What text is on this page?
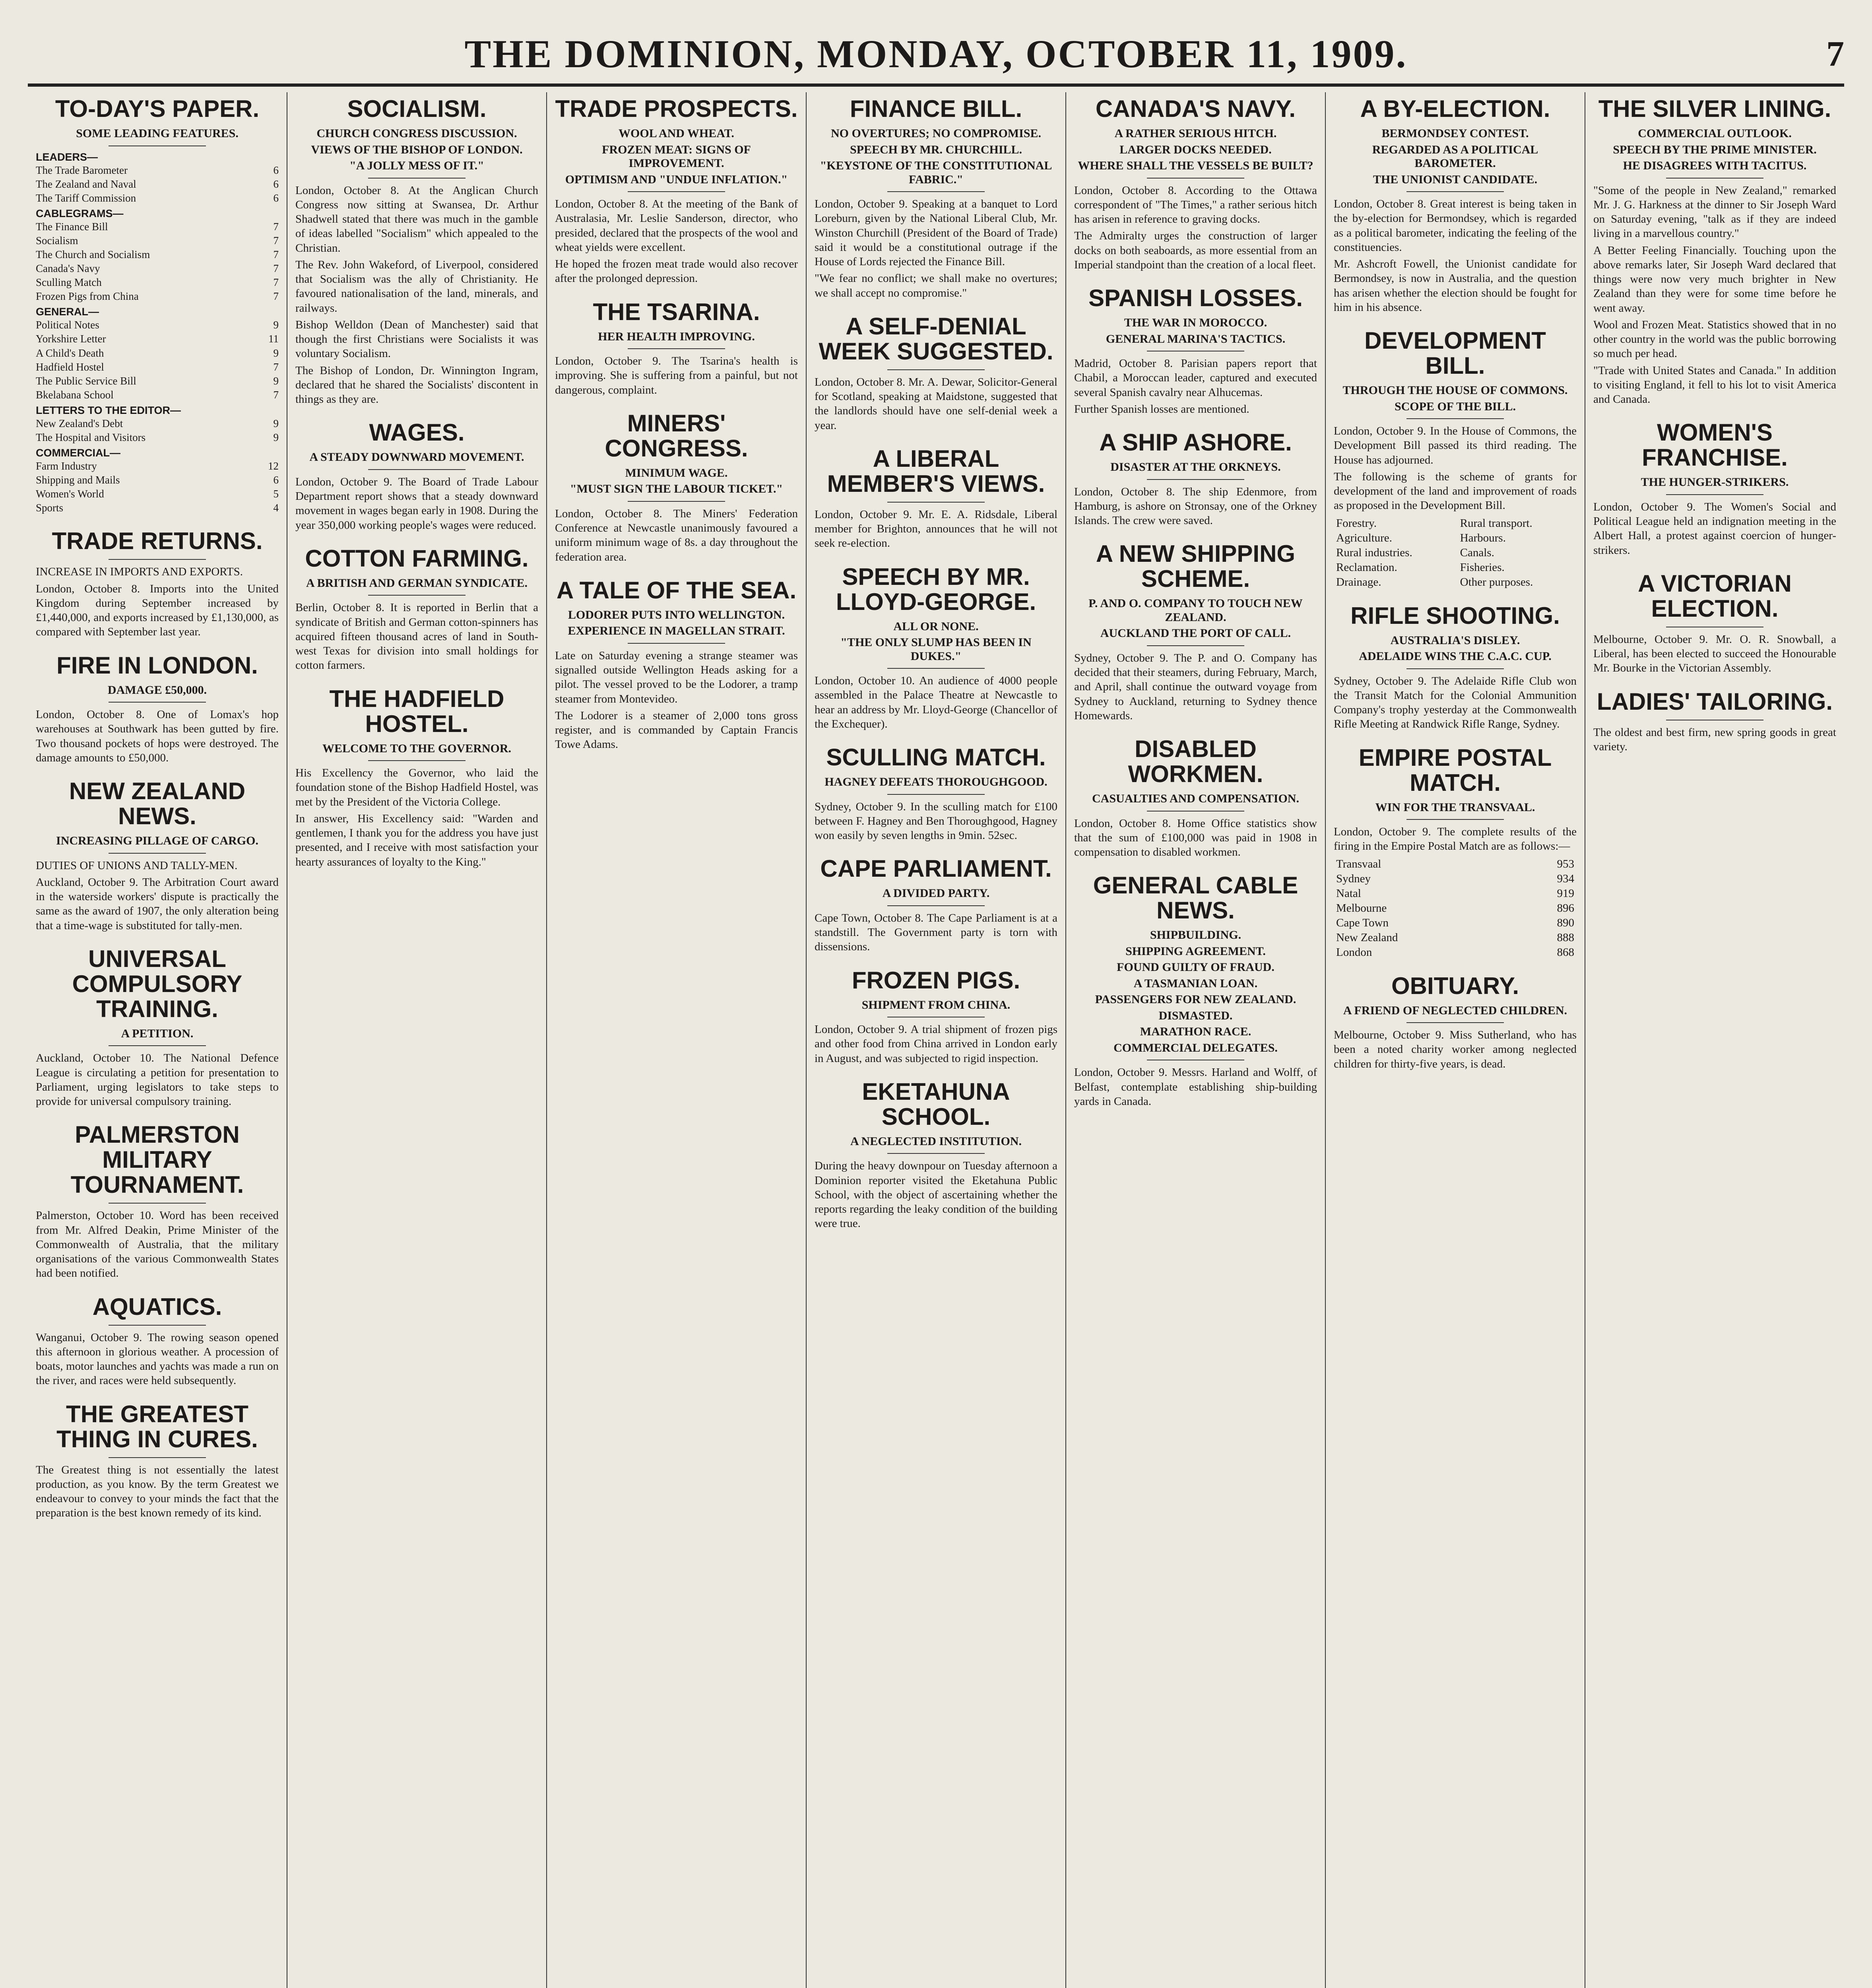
THE DOMINION, MONDAY, OCTOBER 11, 1909.	7
TO-DAY'S PAPER.
SOME LEADING FEATURES.
LEADERS—
The Trade Barometer	6
The Zealand and Naval	6
The Tariff Commission	6
CABLEGRAMS—
The Finance Bill	7
Socialism	7
The Church and Socialism	7
Canada's Navy	7
Sculling Match	7
Frozen Pigs from China	7
GENERAL—
Political Notes	9
Yorkshire Letter	11
A Child's Death	9
Hadfield Hostel	7
The Public Service Bill	9
Bkelabana School	7
LETTERS TO THE EDITOR—
New Zealand's Debt	9
The Hospital and Visitors	9
COMMERCIAL—
Farm Industry	12
Shipping and Mails	6
Women's World	5
Sports	4
TRADE RETURNS.

INCREASE IN IMPORTS AND EXPORTS.

London, October 8. Imports into the United Kingdom during September increased by £1,440,000, and exports increased by £1,130,000, as compared with September last year.

FIRE IN LONDON.
DAMAGE £50,000.

London, October 8. One of Lomax's hop warehouses at Southwark has been gutted by fire. Two thousand pockets of hops were destroyed. The damage amounts to £50,000.

NEW ZEALAND NEWS.
INCREASING PILLAGE OF CARGO.

DUTIES OF UNIONS AND TALLY-MEN.

Auckland, October 9. The Arbitration Court award in the waterside workers' dispute is practically the same as the award of 1907, the only alteration being that a time-wage is substituted for tally-men.

UNIVERSAL COMPULSORY TRAINING.
A PETITION.

Auckland, October 10. The National Defence League is circulating a petition for presentation to Parliament, urging legislators to take steps to provide for universal compulsory training.

PALMERSTON MILITARY TOURNAMENT.

Palmerston, October 10. Word has been received from Mr. Alfred Deakin, Prime Minister of the Commonwealth of Australia, that the military organisations of the various Commonwealth States had been notified.

AQUATICS.

Wanganui, October 9. The rowing season opened this afternoon in glorious weather. A procession of boats, motor launches and yachts was made a run on the river, and races were held subsequently.

THE GREATEST THING IN CURES.

The Greatest thing is not essentially the latest production, as you know. By the term Greatest we endeavour to convey to your minds the fact that the preparation is the best known remedy of its kind.

SOCIALISM.
CHURCH CONGRESS DISCUSSION.
VIEWS OF THE BISHOP OF LONDON.
"A JOLLY MESS OF IT."

London, October 8. At the Anglican Church Congress now sitting at Swansea, Dr. Arthur Shadwell stated that there was much in the gamble of ideas labelled "Socialism" which appealed to the Christian.

The Rev. John Wakeford, of Liverpool, considered that Socialism was the ally of Christianity. He favoured nationalisation of the land, minerals, and railways.

Bishop Welldon (Dean of Manchester) said that though the first Christians were Socialists it was voluntary Socialism.

The Bishop of London, Dr. Winnington Ingram, declared that he shared the Socialists' discontent in things as they are.

WAGES.
A STEADY DOWNWARD MOVEMENT.

London, October 9. The Board of Trade Labour Department report shows that a steady downward movement in wages began early in 1908. During the year 350,000 working people's wages were reduced.

COTTON FARMING.
A BRITISH AND GERMAN SYNDICATE.

Berlin, October 8. It is reported in Berlin that a syndicate of British and German cotton-spinners has acquired fifteen thousand acres of land in South-west Texas for division into small holdings for cotton farmers.

THE HADFIELD HOSTEL.
WELCOME TO THE GOVERNOR.

His Excellency the Governor, who laid the foundation stone of the Bishop Hadfield Hostel, was met by the President of the Victoria College.

In answer, His Excellency said: "Warden and gentlemen, I thank you for the address you have just presented, and I receive with most satisfaction your hearty assurances of loyalty to the King."

TRADE PROSPECTS.
WOOL AND WHEAT.
FROZEN MEAT: SIGNS OF IMPROVEMENT.
OPTIMISM AND "UNDUE INFLATION."

London, October 8. At the meeting of the Bank of Australasia, Mr. Leslie Sanderson, director, who presided, declared that the prospects of the wool and wheat yields were excellent.

He hoped the frozen meat trade would also recover after the prolonged depression.

THE TSARINA.
HER HEALTH IMPROVING.

London, October 9. The Tsarina's health is improving. She is suffering from a painful, but not dangerous, complaint.

MINERS' CONGRESS.
MINIMUM WAGE.
"MUST SIGN THE LABOUR TICKET."

London, October 8. The Miners' Federation Conference at Newcastle unanimously favoured a uniform minimum wage of 8s. a day throughout the federation area.

A TALE OF THE SEA.
LODORER PUTS INTO WELLINGTON.
EXPERIENCE IN MAGELLAN STRAIT.

Late on Saturday evening a strange steamer was signalled outside Wellington Heads asking for a pilot. The vessel proved to be the Lodorer, a tramp steamer from Montevideo.

The Lodorer is a steamer of 2,000 tons gross register, and is commanded by Captain Francis Towe Adams.

FINANCE BILL.
NO OVERTURES; NO COMPROMISE.
SPEECH BY MR. CHURCHILL.
"KEYSTONE OF THE CONSTITUTIONAL FABRIC."

London, October 9. Speaking at a banquet to Lord Loreburn, given by the National Liberal Club, Mr. Winston Churchill (President of the Board of Trade) said it would be a constitutional outrage if the House of Lords rejected the Finance Bill.

"We fear no conflict; we shall make no overtures; we shall accept no compromise."

A SELF-DENIAL WEEK SUGGESTED.

London, October 8. Mr. A. Dewar, Solicitor-General for Scotland, speaking at Maidstone, suggested that the landlords should have one self-denial week a year.

A LIBERAL MEMBER'S VIEWS.

London, October 9. Mr. E. A. Ridsdale, Liberal member for Brighton, announces that he will not seek re-election.

SPEECH BY MR. LLOYD-GEORGE.
ALL OR NONE.
"THE ONLY SLUMP HAS BEEN IN DUKES."

London, October 10. An audience of 4000 people assembled in the Palace Theatre at Newcastle to hear an address by Mr. Lloyd-George (Chancellor of the Exchequer).

SCULLING MATCH.
HAGNEY DEFEATS THOROUGHGOOD.

Sydney, October 9. In the sculling match for £100 between F. Hagney and Ben Thoroughgood, Hagney won easily by seven lengths in 9min. 52sec.

CAPE PARLIAMENT.
A DIVIDED PARTY.

Cape Town, October 8. The Cape Parliament is at a standstill. The Government party is torn with dissensions.

FROZEN PIGS.
SHIPMENT FROM CHINA.

London, October 9. A trial shipment of frozen pigs and other food from China arrived in London early in August, and was subjected to rigid inspection.

EKETAHUNA SCHOOL.
A NEGLECTED INSTITUTION.

During the heavy downpour on Tuesday afternoon a Dominion reporter visited the Eketahuna Public School, with the object of ascertaining whether the reports regarding the leaky condition of the building were true.

CANADA'S NAVY.
A RATHER SERIOUS HITCH.
LARGER DOCKS NEEDED.
WHERE SHALL THE VESSELS BE BUILT?

London, October 8. According to the Ottawa correspondent of "The Times," a rather serious hitch has arisen in reference to graving docks.

The Admiralty urges the construction of larger docks on both seaboards, as more essential from an Imperial standpoint than the creation of a local fleet.

SPANISH LOSSES.
THE WAR IN MOROCCO.
GENERAL MARINA'S TACTICS.

Madrid, October 8. Parisian papers report that Chabil, a Moroccan leader, captured and executed several Spanish cavalry near Alhucemas.

Further Spanish losses are mentioned.

A SHIP ASHORE.
DISASTER AT THE ORKNEYS.

London, October 8. The ship Edenmore, from Hamburg, is ashore on Stronsay, one of the Orkney Islands. The crew were saved.

A NEW SHIPPING SCHEME.
P. AND O. COMPANY TO TOUCH NEW ZEALAND.
AUCKLAND THE PORT OF CALL.

Sydney, October 9. The P. and O. Company has decided that their steamers, during February, March, and April, shall continue the outward voyage from Sydney to Auckland, returning to Sydney thence Homewards.

DISABLED WORKMEN.
CASUALTIES AND COMPENSATION.

London, October 8. Home Office statistics show that the sum of £100,000 was paid in 1908 in compensation to disabled workmen.

GENERAL CABLE NEWS.
SHIPBUILDING.
SHIPPING AGREEMENT.
FOUND GUILTY OF FRAUD.
A TASMANIAN LOAN.
PASSENGERS FOR NEW ZEALAND.
DISMASTED.
MARATHON RACE.
COMMERCIAL DELEGATES.

London, October 9. Messrs. Harland and Wolff, of Belfast, contemplate establishing ship-building yards in Canada.

A BY-ELECTION.
BERMONDSEY CONTEST.
REGARDED AS A POLITICAL BAROMETER.
THE UNIONIST CANDIDATE.

London, October 8. Great interest is being taken in the by-election for Bermondsey, which is regarded as a political barometer, indicating the feeling of the constituencies.

Mr. Ashcroft Fowell, the Unionist candidate for Bermondsey, is now in Australia, and the question has arisen whether the election should be fought for him in his absence.

DEVELOPMENT BILL.
THROUGH THE HOUSE OF COMMONS.
SCOPE OF THE BILL.

London, October 9. In the House of Commons, the Development Bill passed its third reading. The House has adjourned.

The following is the scheme of grants for development of the land and improvement of roads as proposed in the Development Bill.

Forestry.	Rural transport.
Agriculture.	Harbours.
Rural industries.	Canals.
Reclamation.	Fisheries.
Drainage.	Other purposes.
RIFLE SHOOTING.
AUSTRALIA'S DISLEY.
ADELAIDE WINS THE C.A.C. CUP.

Sydney, October 9. The Adelaide Rifle Club won the Transit Match for the Colonial Ammunition Company's trophy yesterday at the Commonwealth Rifle Meeting at Randwick Rifle Range, Sydney.

EMPIRE POSTAL MATCH.
WIN FOR THE TRANSVAAL.

London, October 9. The complete results of the firing in the Empire Postal Match are as follows:—

Transvaal	953
Sydney	934
Natal	919
Melbourne	896
Cape Town	890
New Zealand	888
London	868
OBITUARY.
A FRIEND OF NEGLECTED CHILDREN.

Melbourne, October 9. Miss Sutherland, who has been a noted charity worker among neglected children for thirty-five years, is dead.

THE SILVER LINING.
COMMERCIAL OUTLOOK.
SPEECH BY THE PRIME MINISTER.
HE DISAGREES WITH TACITUS.

"Some of the people in New Zealand," remarked Mr. J. G. Harkness at the dinner to Sir Joseph Ward on Saturday evening, "talk as if they are indeed living in a marvellous country."

A Better Feeling Financially. Touching upon the above remarks later, Sir Joseph Ward declared that things were now very much brighter in New Zealand than they were for some time before he went away.

Wool and Frozen Meat. Statistics showed that in no other country in the world was the public borrowing so much per head.

"Trade with United States and Canada." In addition to visiting England, it fell to his lot to visit America and Canada.

WOMEN'S FRANCHISE.
THE HUNGER-STRIKERS.

London, October 9. The Women's Social and Political League held an indignation meeting in the Albert Hall, a protest against coercion of hunger-strikers.

A VICTORIAN ELECTION.

Melbourne, October 9. Mr. O. R. Snowball, a Liberal, has been elected to succeed the Honourable Mr. Bourke in the Victorian Assembly.

LADIES' TAILORING.

The oldest and best firm, new spring goods in great variety.
